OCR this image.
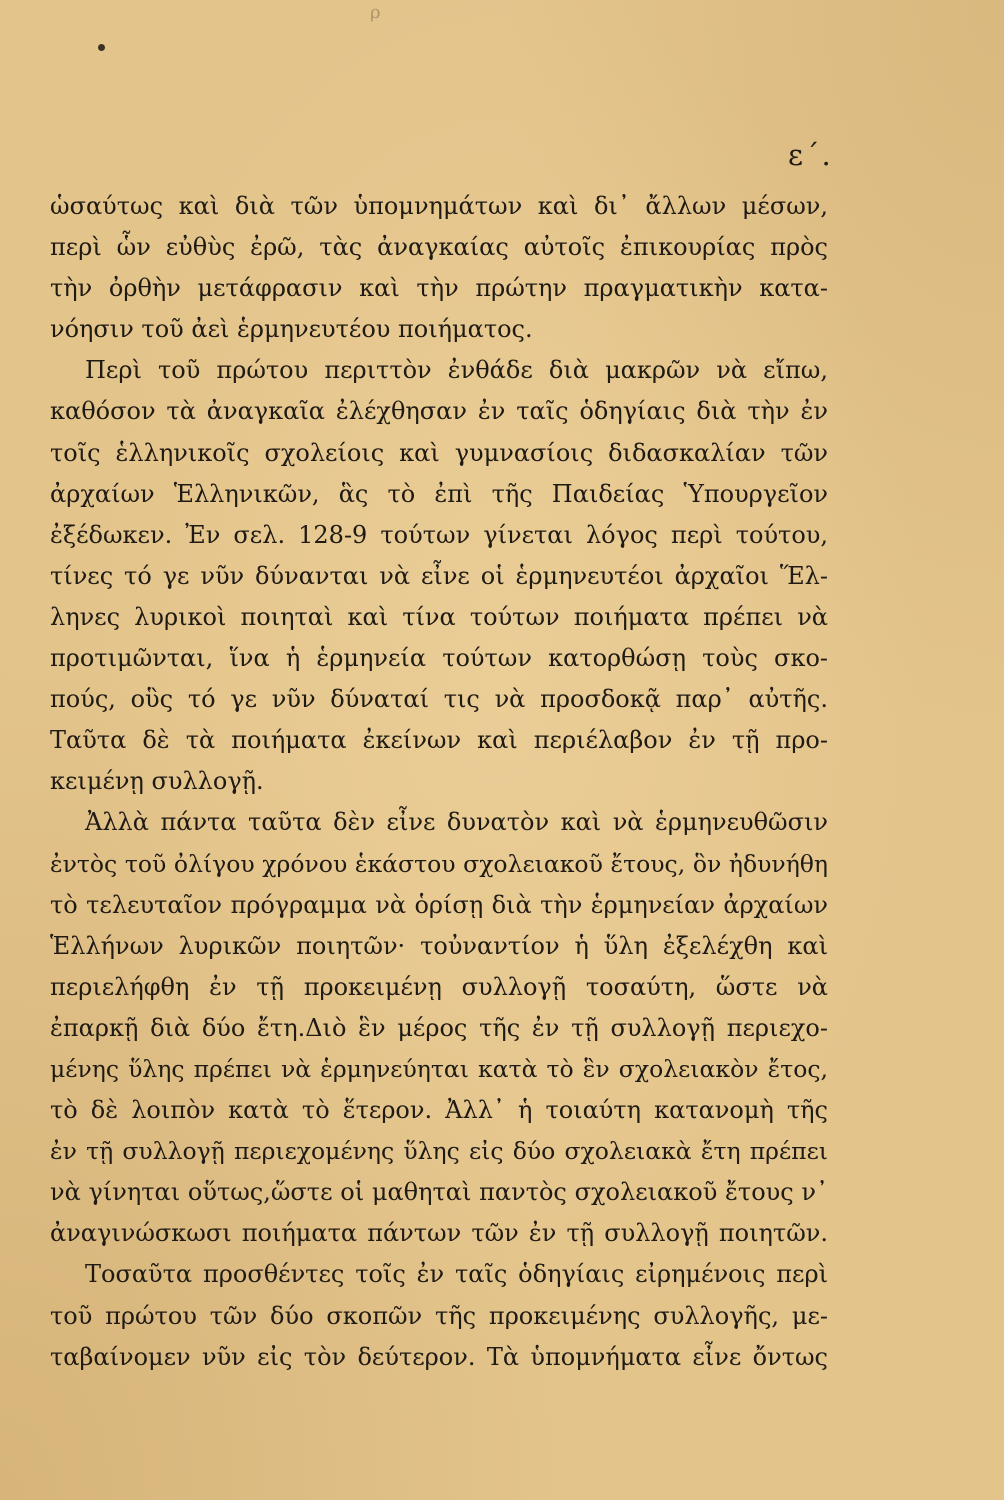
ρ
ε΄.
ὡσαύτως καὶ διὰ τῶν ὑπομνημάτων καὶ δι᾽ ἄλλων μέσων,
περὶ ὧν εὐθὺς ἐρῶ, τὰς ἀναγκαίας αὐτοῖς ἐπικουρίας πρὸς
τὴν ὀρθὴν μετάφρασιν καὶ τὴν πρώτην πραγματικὴν κατα-
νόησιν τοῦ ἀεὶ ἑρμηνευτέου ποιήματος.
Περὶ τοῦ πρώτου περιττὸν ἐνθάδε διὰ μακρῶν νὰ εἴπω,
καθόσον τὰ ἀναγκαῖα ἐλέχθησαν ἐν ταῖς ὁδηγίαις διὰ τὴν ἐν
τοῖς ἑλληνικοῖς σχολείοις καὶ γυμνασίοις διδασκαλίαν τῶν
ἀρχαίων Ἑλληνικῶν, ἃς τὸ ἐπὶ τῆς Παιδείας Ὑπουργεῖον
ἐξέδωκεν. Ἐν σελ. 128-9 τούτων γίνεται λόγος περὶ τούτου,
τίνες τό γε νῦν δύνανται νὰ εἶνε οἱ ἑρμηνευτέοι ἀρχαῖοι Ἕλ-
ληνες λυρικοὶ ποιηταὶ καὶ τίνα τούτων ποιήματα πρέπει νὰ
προτιμῶνται, ἵνα ἡ ἑρμηνεία τούτων κατορθώσῃ τοὺς σκο-
πούς, οὓς τό γε νῦν δύναταί τις νὰ προσδοκᾷ παρ᾽ αὐτῆς.
Ταῦτα δὲ τὰ ποιήματα ἐκείνων καὶ περιέλαβον ἐν τῇ προ-
κειμένῃ συλλογῇ.
Ἀλλὰ πάντα ταῦτα δὲν εἶνε δυνατὸν καὶ νὰ ἑρμηνευθῶσιν
ἐντὸς τοῦ ὀλίγου χρόνου ἑκάστου σχολειακοῦ ἔτους, ὃν ἠδυνήθη
τὸ τελευταῖον πρόγραμμα νὰ ὁρίσῃ διὰ τὴν ἑρμηνείαν ἀρχαίων
Ἑλλήνων λυρικῶν ποιητῶν· τοὐναντίον ἡ ὕλη ἐξελέχθη καὶ
περιελήφθη ἐν τῇ προκειμένῃ συλλογῇ τοσαύτη, ὥστε νὰ
ἐπαρκῇ διὰ δύο ἔτη.Διὸ ἓν μέρος τῆς ἐν τῇ συλλογῇ περιεχο-
μένης ὕλης πρέπει νὰ ἑρμηνεύηται κατὰ τὸ ἓν σχολειακὸν ἔτος,
τὸ δὲ λοιπὸν κατὰ τὸ ἕτερον. Ἀλλ᾽ ἡ τοιαύτη κατανομὴ τῆς
ἐν τῇ συλλογῇ περιεχομένης ὕλης εἰς δύο σχολειακὰ ἔτη πρέπει
νὰ γίνηται οὕτως,ὥστε οἱ μαθηταὶ παντὸς σχολειακοῦ ἔτους ν᾽
ἀναγινώσκωσι ποιήματα πάντων τῶν ἐν τῇ συλλογῇ ποιητῶν.
Τοσαῦτα προσθέντες τοῖς ἐν ταῖς ὁδηγίαις εἰρημένοις περὶ
τοῦ πρώτου τῶν δύο σκοπῶν τῆς προκειμένης συλλογῆς, με-
ταβαίνομεν νῦν εἰς τὸν δεύτερον. Τὰ ὑπομνήματα εἶνε ὄντως
